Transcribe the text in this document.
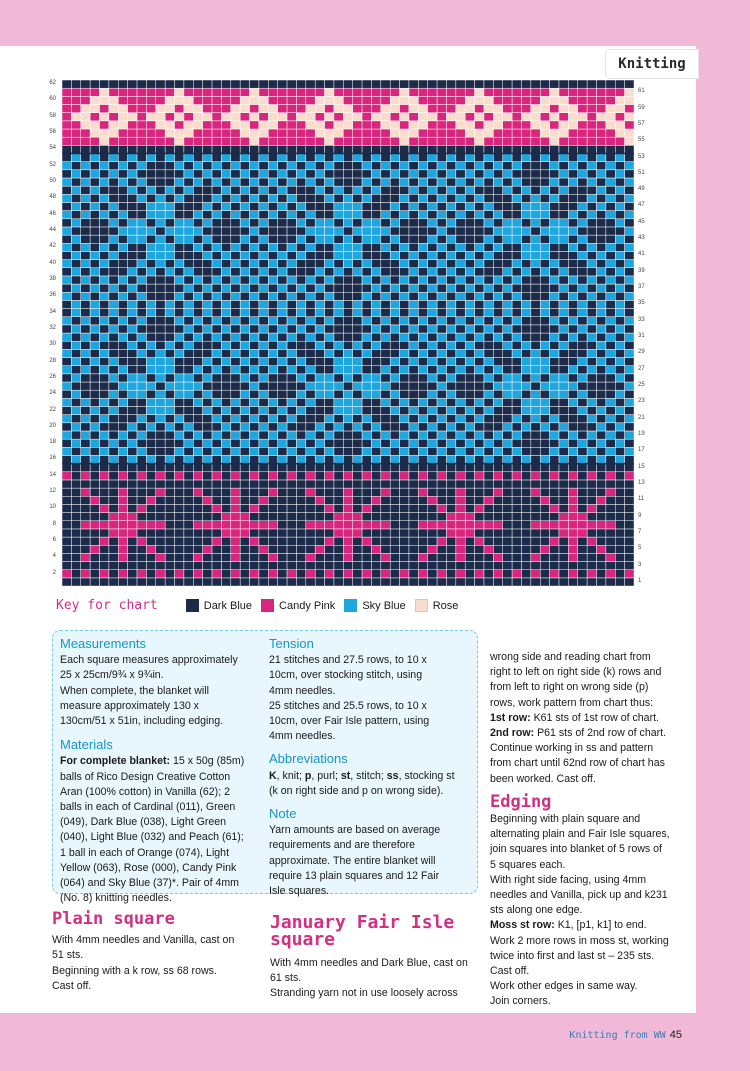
Knitting
62
60
58
56
54
52
50
48
46
44
42
40
38
36
34
32
30
28
26
24
22
20
18
16
14
12
10
8
6
4
2
61
59
57
55
53
51
49
47
45
43
41
39
37
35
33
31
29
27
25
23
21
19
17
15
13
11
9
7
5
3
1
Key for chart	Dark Blue Candy Pink Sky Blue Rose
Measurements

Each square measures approximately

25 x 25cm/9¾ x 9¾in.

When complete, the blanket will

measure approximately 130 x

130cm/51 x 51in, including edging.

Materials

For complete blanket: 15 x 50g (85m)

balls of Rico Design Creative Cotton

Aran (100% cotton) in Vanilla (62); 2

balls in each of Cardinal (011), Green

(049), Dark Blue (038), Light Green

(040), Light Blue (032) and Peach (61);

1 ball in each of Orange (074), Light

Yellow (063), Rose (000), Candy Pink

(064) and Sky Blue (37)*. Pair of 4mm

(No. 8) knitting needles.

Tension

21 stitches and 27.5 rows, to 10 x

10cm, over stocking stitch, using

4mm needles.

25 stitches and 25.5 rows, to 10 x

10cm, over Fair Isle pattern, using

4mm needles.

Abbreviations

K, knit; p, purl; st, stitch; ss, stocking st

(k on right side and p on wrong side).

Note

Yarn amounts are based on average

requirements and are therefore

approximate. The entire blanket will

require 13 plain squares and 12 Fair

Isle squares.

Plain square

With 4mm needles and Vanilla, cast on

51 sts.

Beginning with a k row, ss 68 rows.

Cast off.

January Fair Isle
square

With 4mm needles and Dark Blue, cast on

61 sts.

Stranding yarn not in use loosely across

wrong side and reading chart from

right to left on right side (k) rows and

from left to right on wrong side (p)

rows, work pattern from chart thus:

1st row: K61 sts of 1st row of chart.

2nd row: P61 sts of 2nd row of chart.

Continue working in ss and pattern

from chart until 62nd row of chart has

been worked. Cast off.

Edging

Beginning with plain square and

alternating plain and Fair Isle squares,

join squares into blanket of 5 rows of

5 squares each.

With right side facing, using 4mm

needles and Vanilla, pick up and k231

sts along one edge.

Moss st row: K1, [p1, k1] to end.

Work 2 more rows in moss st, working

twice into first and last st – 235 sts.

Cast off.

Work other edges in same way.

Join corners.

Knitting from WW 45
